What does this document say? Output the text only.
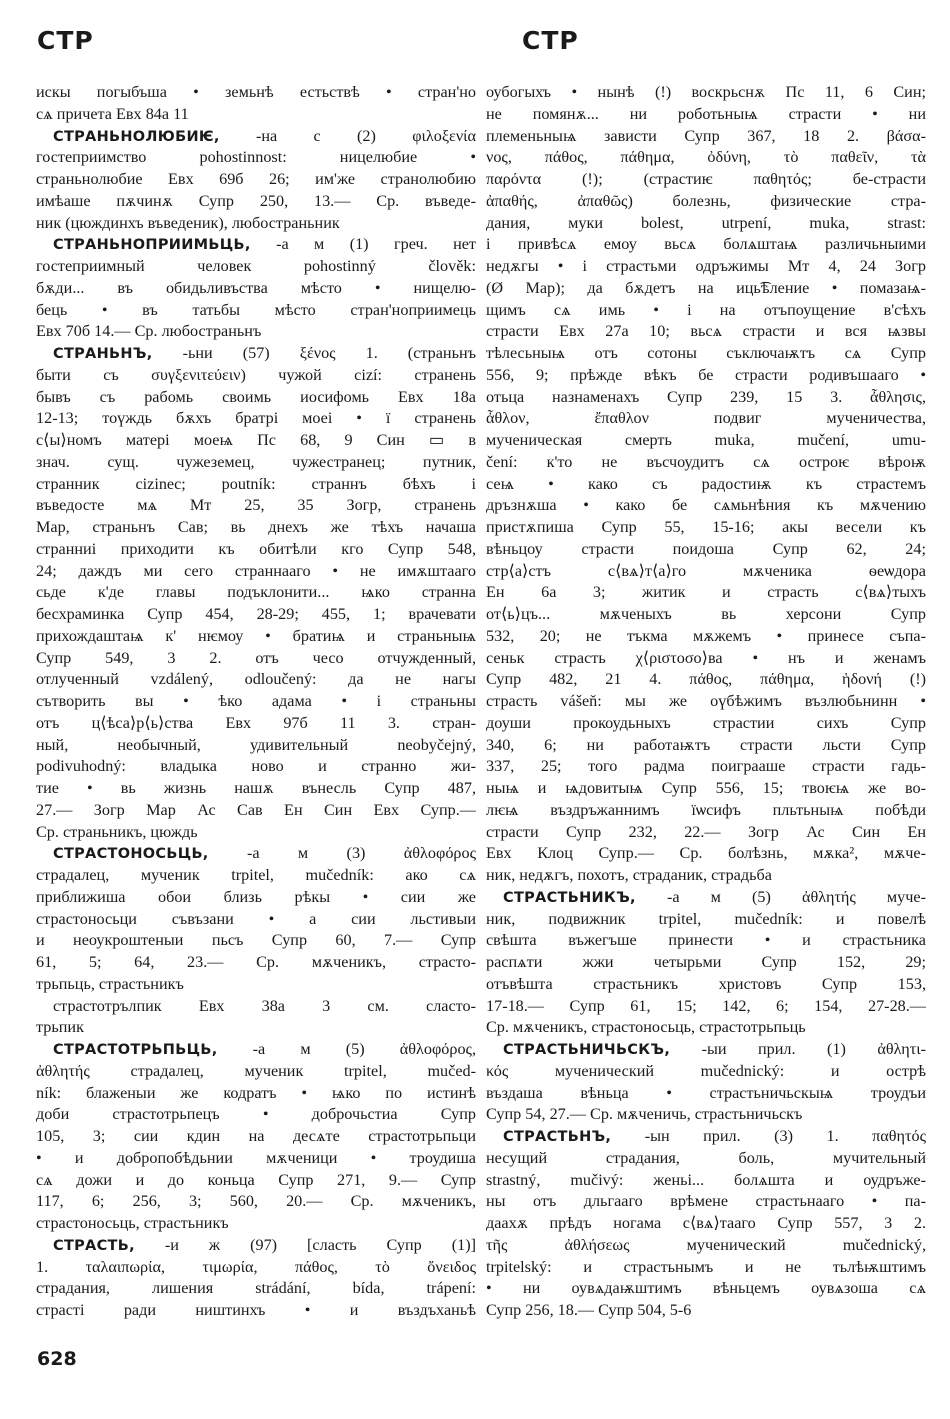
СТР	СТР
искы погыбъша • земьнѣ естьствѣ • стран'но
сѧ причета Евх 84а 11
СТРАНЬНОЛЮБИѤ, -на с (2) φιλοξενία
гостеприимство pohostinnost: ницелюбие •
страньнолюбие Евх 69б 26; им'же странолюбию
имѣаше пѫчинѫ Супр 250, 13.— Ср. въведе-
ник (цюждинхъ въведеник), любостраньник
СТРАНЬНОПРИИМЬЦЬ, -а м (1) греч. нет
гостеприимный человек pohostinný člověk:
бѫди... въ обидьливъства мѣсто • нищелю-
бець • въ татьбы мѣсто стран'ноприимець
Евх 70б 14.— Ср. любостраньнъ
СТРАНЬНЪ, -ьни (57) ξένος 1. (страньнъ
быти съ συγξενιτεύειν) чужой cizí: странень
бывъ съ рабомь своимь иосифомь Евх 18а
12-13; тоүждь бѫхъ братрі моеі • ї странень
с⟨ы⟩номъ матері моеѩ Пс 68, 9 Син ▭ в
знач. сущ. чужеземец, чужестранец; путник,
странник cizinec; poutník: страннъ бѣхъ і
въведосте мѧ Мт 25, 35 Зогр, странень
Мар, страньнъ Сав; вь днехъ же тѣхъ начаша
странниі приходити къ обитѣли кго Супр 548,
24; даждъ ми сего страннааго • не имѫштааго
сьде к'де главы подъклонити... ѩко странна
бесхраминка Супр 454, 28-29; 455, 1; врачевати
прихождаштаѩ к' нѥмоу • братиѩ и страньныѩ
Супр 549, 3 2. отъ чесо отчужденный,
отлученный vzdálený, odloučený: да не нагы
сътворить вы • ѣко адама • і страньны
отъ ц⟨ѣса⟩р⟨ь⟩ства Евх 97б 11 3. стран-
ный, необычный, удивительный neobyčejný,
podivuhodný: владыка ново и странно жи-
тие • вь жизнь нашѫ вънесль Супр 487,
27.— Зогр Мар Ас Сав Ен Син Евх Супр.—
Ср. страньникъ, цюждь
СТРАСТОНОСЬЦЬ, -а м (3) ἀθλοφόρος
страдалец, мученик trpitel, mučedník: ако сѧ
приближиша обои близь рѣкы • сии же
страстоносьци съвъзани • а сии льстивыи
и неоукроштеныи пьсъ Супр 60, 7.— Супр
61, 5; 64, 23.— Ср. мѫченикъ, страсто-
трьпьць, страстьникъ
страстотрълпик Евх 38а 3 см. сласто-
трьпик
СТРАСТОТРЬПЬЦЬ, -а м (5) ἀθλοφόρος,
ἀθλητής страдалец, мученик trpitel, mučed-
ník: блаженыи же кодратъ • ѩко по истинѣ
доби страстотрьпецъ • доброчьстиа Супр
105, 3; сии кдин на десѧте страстотрьпьци
• и добропобѣдьнии мѫченици • троудиша
сѧ дожи и до коньца Супр 271, 9.— Супр
117, 6; 256, 3; 560, 20.— Ср. мѫченикъ,
страстоносьць, страстьникъ
СТРАСТЬ, -и ж (97) [сласть Супр (1)]
1. ταλαιπωρία, τιμωρία, πάθος, τὸ ὄνειδος
страдания, лишения strádání, bída, trápení:
страсті ради ништинхъ • и въздъханьѣ
оубогыхъ • нынѣ (!) воскрьснѫ Пс 11, 6 Син;
не помянѫ... ни роботьныѩ страсти • ни
племеньныѩ зависти Супр 367, 18 2. βάσα-
νος, πάθος, πάθημα, ὀδύνη, τὸ παθεῖν, τὰ
παρόντα (!); (страстиѥ παθητός; бе-страсти
ἀπαθής, ἀπαθῶς) болезнь, физические стра-
дания, муки bolest, utrpení, muka, strast:
і привѣсѧ емоу вьсѧ болѧштаѩ различьныими
недѫгы • і страстьми одръжимы Мт 4, 24 Зогр
(Ø Мар); да бѫдетъ на иць͡ѣление • помазаѩ-
щимъ сѧ имь • і на отъпоущение в'сѣхъ
страсти Евх 27а 10; вьсѧ страсти и вся ѩзвы
тѣлесьныѩ отъ сотоны съключаѭтъ сѧ Супр
556, 9; прѣжде вѣкъ бе страсти родивъшааго •
отьца назнаменахъ Супр 239, 15 3. ἆθλησις,
ἆθλον, ἔπαθλον подвиг мученичества,
мученическая смерть muka, mučení, umu-
čení: к'то не въсчоудитъ сѧ остроѥ вѣроѭ
сеѩ • како съ радостиѭ къ страстемъ
дръзнѫша • како бе сѧмьнѣния къ мѫчению
пристѫпиша Супр 55, 15-16; акы весели къ
вѣньцоу страсти поидоша Супр 62, 24;
стр⟨а⟩стъ с⟨вѧ⟩т⟨а⟩го мѫченика ѳеѡдора
Ен 6а 3; житик и страсть с⟨вѧ⟩тыхъ
от⟨ь⟩цъ... мѫченыхъ вь херсони Супр
532, 20; не тъкма мѫжемъ • принесе съпа-
сеньк страсть χ⟨ριστοσο⟩ва • нъ и женамъ
Супр 482, 21 4. πάθος, πάθημα, ἡδονή (!)
страсть vášeň: мы же оүбѣжимъ възлюбьнинн •
доуши прокоудьныхъ страстии сихъ Супр
340, 6; ни работаѭтъ страсти льсти Супр
337, 25; того радма поиграаше страсти гадь-
ныѩ и ѩдовитыѩ Супр 556, 15; твоѥѩ же во-
лѥѩ въздръжаннимъ їѡсифъ пльтьныѩ побѣди
страсти Супр 232, 22.— Зогр Ас Син Ен
Евх Клоц Супр.— Ср. болѣзнь, мѫка², мѫче-
ник, недѫгъ, похотъ, страданик, страдьба
СТРАСТЬНИКЪ, -а м (5) ἀθλητής муче-
ник, подвижник trpitel, mučedník: и повелѣ
свѣшта въжегъше принести • и страстьника
распѧти жжи четырьми Супр 152, 29;
отъвѣшта страстьникъ христовъ Супр 153,
17-18.— Супр 61, 15; 142, 6; 154, 27-28.—
Ср. мѫченикъ, страстоносьць, страстотрьпьць
СТРАСТЬНИЧЬСКЪ, -ыи прил. (1) ἀθλητι-
κός мученический mučednický: и острѣ
въздаша вѣньца • страстьничьскыѩ троудъи
Супр 54, 27.— Ср. мѫченичь, страстьничьскъ
СТРАСТЬНЪ, -ын прил. (3) 1. παθητός
несущий страдания, боль, мучительный
strastný, mučivý: женьі... болѧшта и оудръже-
ны отъ дльгааго врѣмене страстьнааго • па-
даахѫ прѣдъ ногама с⟨вѧ⟩тааго Супр 557, 3 2.
τῆς ἀθλήσεως мученический mučednický,
trpitelský: и страстьнымъ и не тьлѣѭштимъ
• ни оувѧдаѭштимъ вѣньцемъ оувѧзоша сѧ
Супр 256, 18.— Супр 504, 5-6
628
